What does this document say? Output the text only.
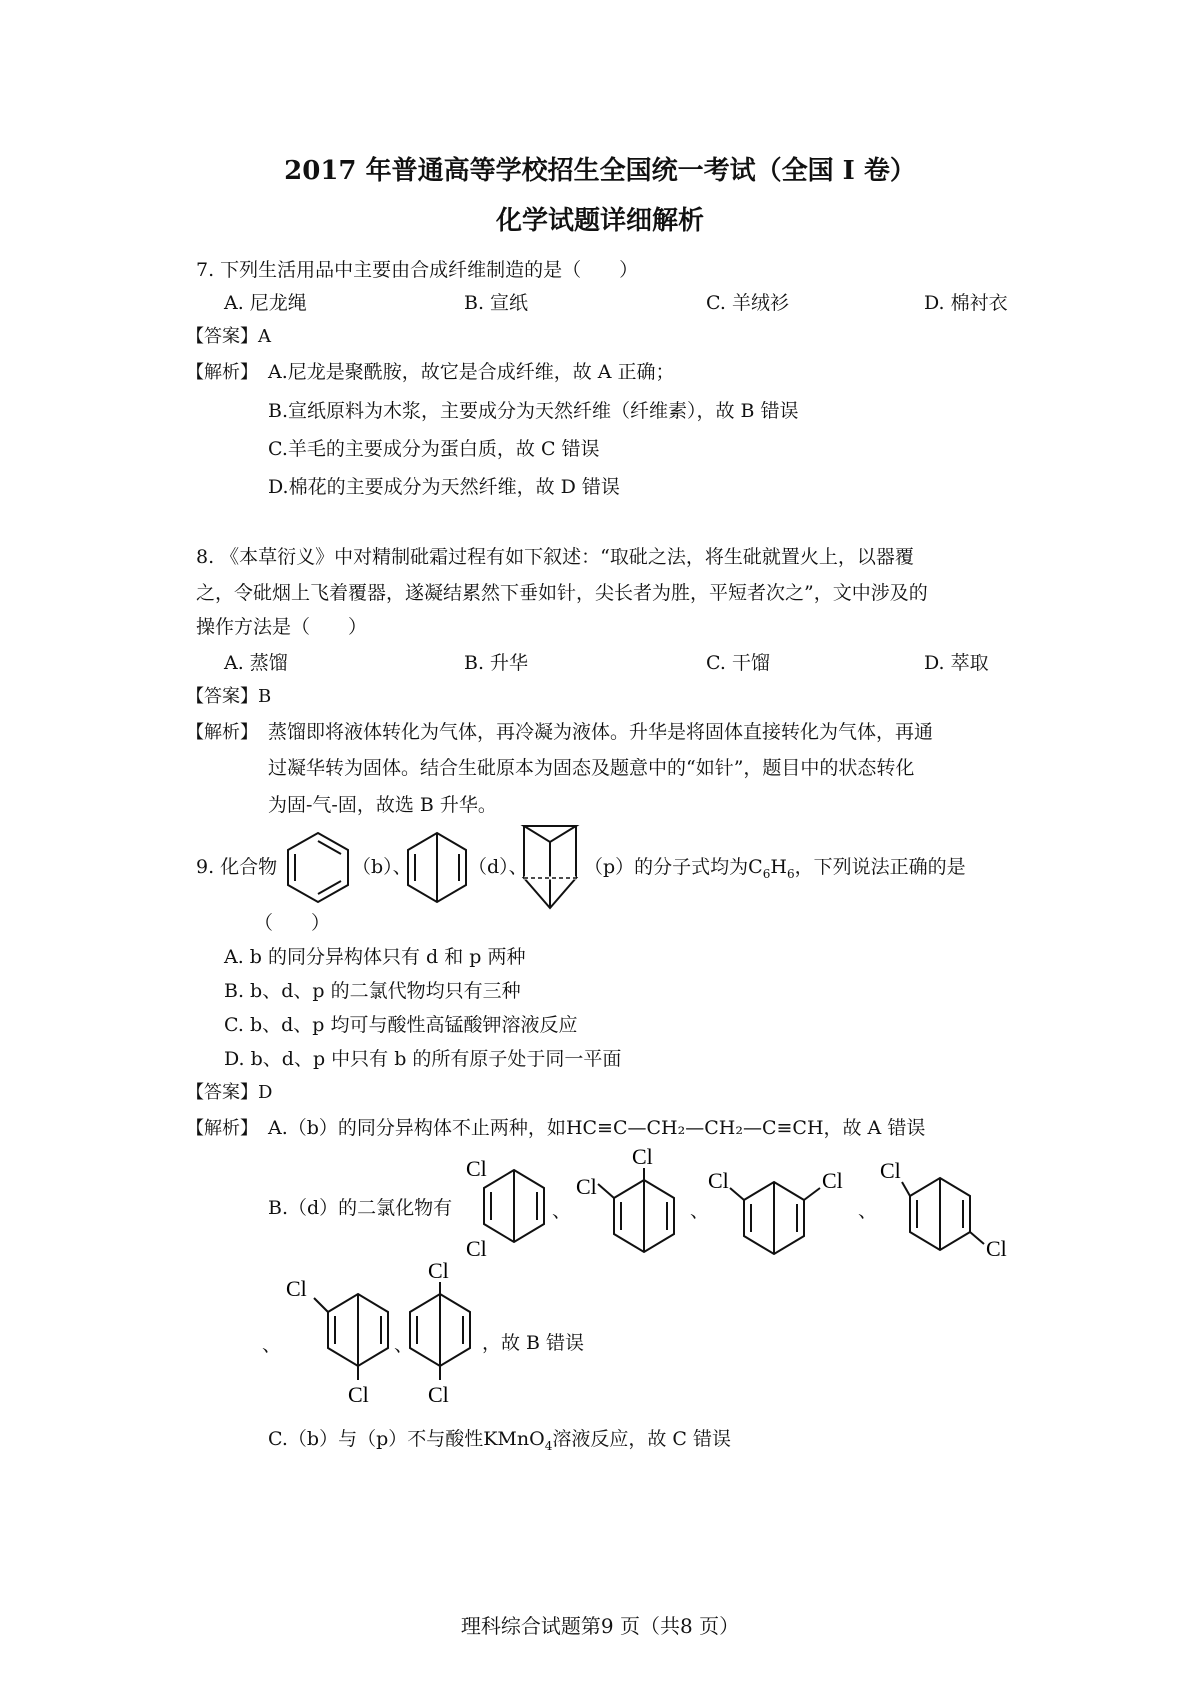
2017 年普通高等学校招生全国统一考试（全国 I 卷）
化学试题详细解析
7. 下列生活用品中主要由合成纤维制造的是（　　）
A. 尼龙绳	B. 宣纸	C. 羊绒衫	D. 棉衬衣
【答案】A
【解析】 A.尼龙是聚酰胺，故它是合成纤维，故 A 正确；
B.宣纸原料为木浆，主要成分为天然纤维（纤维素），故 B 错误
C.羊毛的主要成分为蛋白质，故 C 错误
D.棉花的主要成分为天然纤维，故 D 错误
8. 《本草衍义》中对精制砒霜过程有如下叙述：“取砒之法，将生砒就置火上，以器覆
之，令砒烟上飞着覆器，遂凝结累然下垂如针，尖长者为胜，平短者次之”，文中涉及的
操作方法是（　　）
A. 蒸馏	B. 升华	C. 干馏	D. 萃取
【答案】B
【解析】 蒸馏即将液体转化为气体，再冷凝为液体。升华是将固体直接转化为气体，再通
过凝华转为固体。结合生砒原本为固态及题意中的“如针”，题目中的状态转化
为固-气-固，故选 B 升华。
9. 化合物	（b）、	（d）、	（p）的分子式均为$C_6H_6$，下列说法正确的是
（　　）
A. b 的同分异构体只有 d 和 p 两种
B. b、d、p 的二氯代物均只有三种
C. b、d、p 均可与酸性高锰酸钾溶液反应
D. b、d、p 中只有 b 的所有原子处于同一平面
【答案】D
【解析】 A.（b）的同分异构体不止两种，如HC≡C—CH₂—CH₂—C≡CH，故 A 错误
B.（d）的二氯化物有
Cl
Cl
、
Cl
Cl
、
Cl	Cl
、
Cl
Cl
、
Cl
Cl
、
Cl
Cl
，故 B 错误
C.（b）与（p）不与酸性KMnO$_4$溶液反应，故 C 错误
理科综合试题第9 页（共8 页）
